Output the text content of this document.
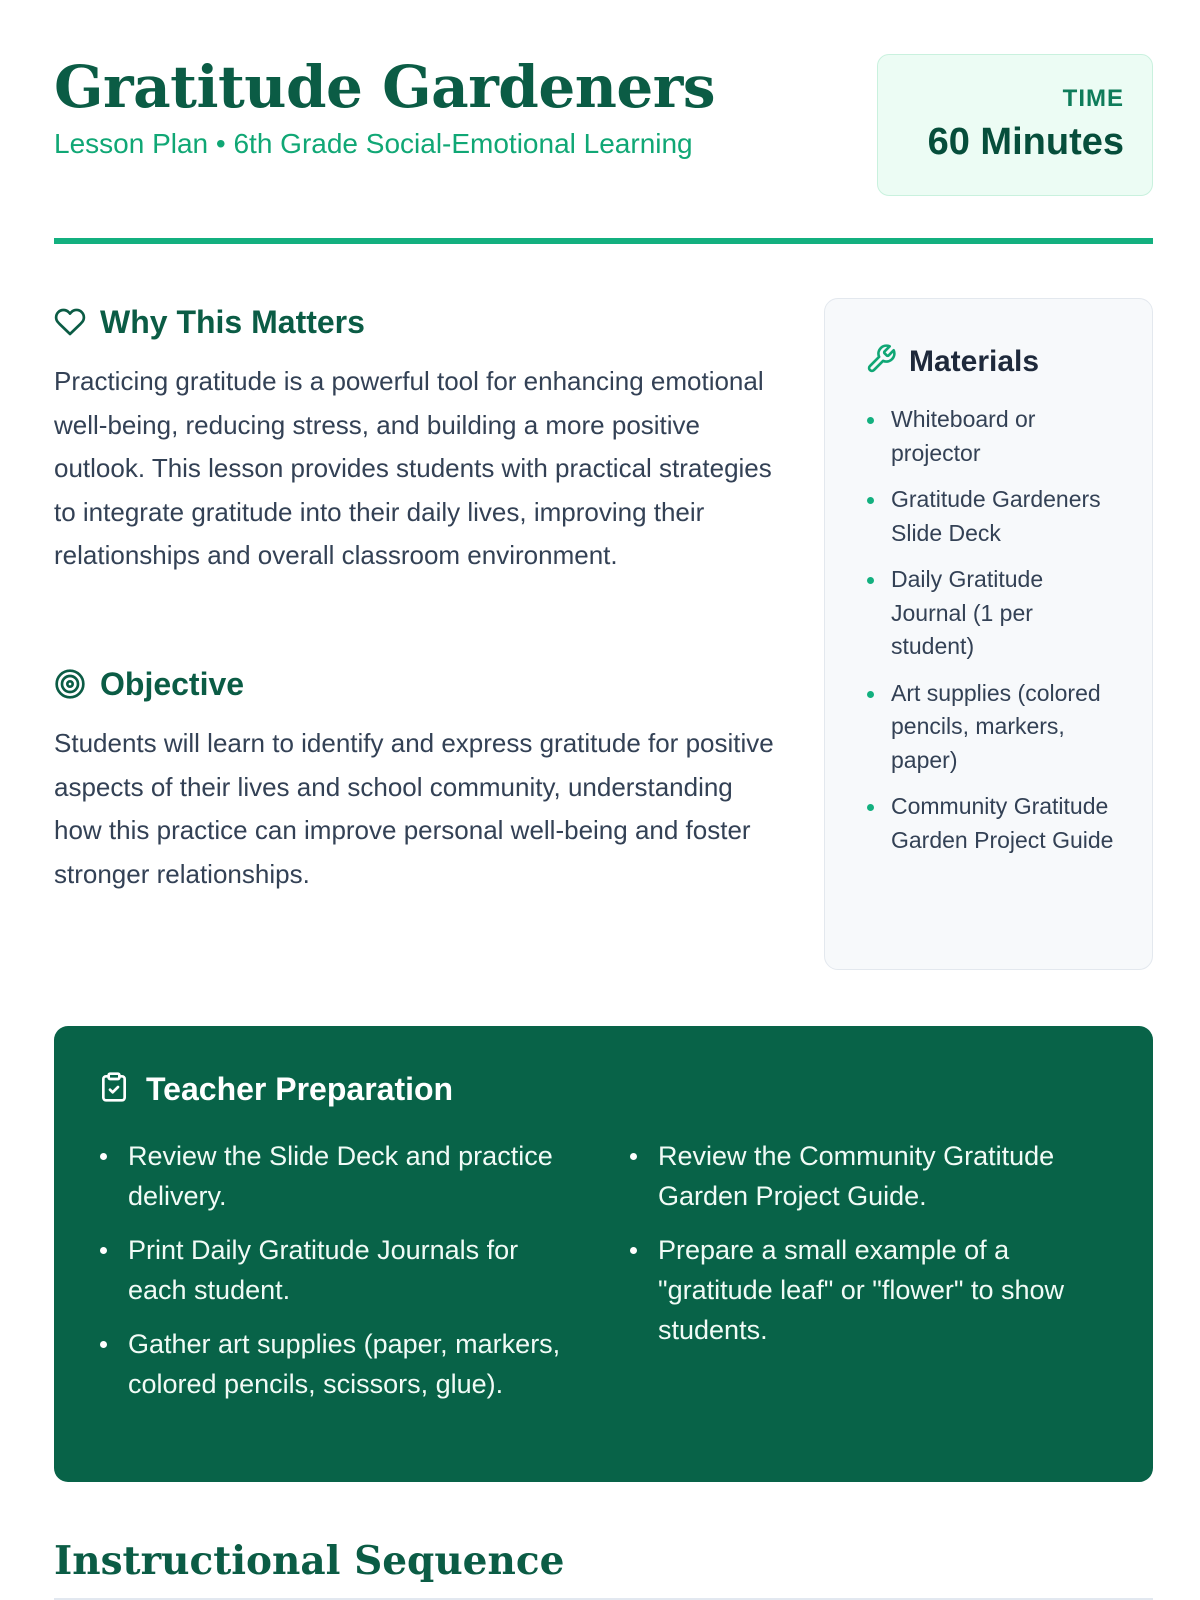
Gratitude Gardeners
Lesson Plan • 6th Grade Social-Emotional Learning
TIME
60 Minutes
Why This Matters
Practicing gratitude is a powerful tool for enhancing emotional well-being, reducing stress, and building a more positive outlook. This lesson provides students with practical strategies to integrate gratitude into their daily lives, improving their relationships and overall classroom environment.
Objective
Students will learn to identify and express gratitude for positive aspects of their lives and school community, understanding how this practice can improve personal well-being and foster stronger relationships.
Materials
Whiteboard or projector
Gratitude Gardeners Slide Deck
Daily Gratitude Journal (1 per student)
Art supplies (colored pencils, markers, paper)
Community Gratitude Garden Project Guide
Teacher Preparation
Review the Slide Deck and practice delivery.
Print Daily Gratitude Journals for each student.
Gather art supplies (paper, markers, colored pencils, scissors, glue).
Review the Community Gratitude Garden Project Guide.
Prepare a small example of a "gratitude leaf" or "flower" to show students.
Instructional Sequence
